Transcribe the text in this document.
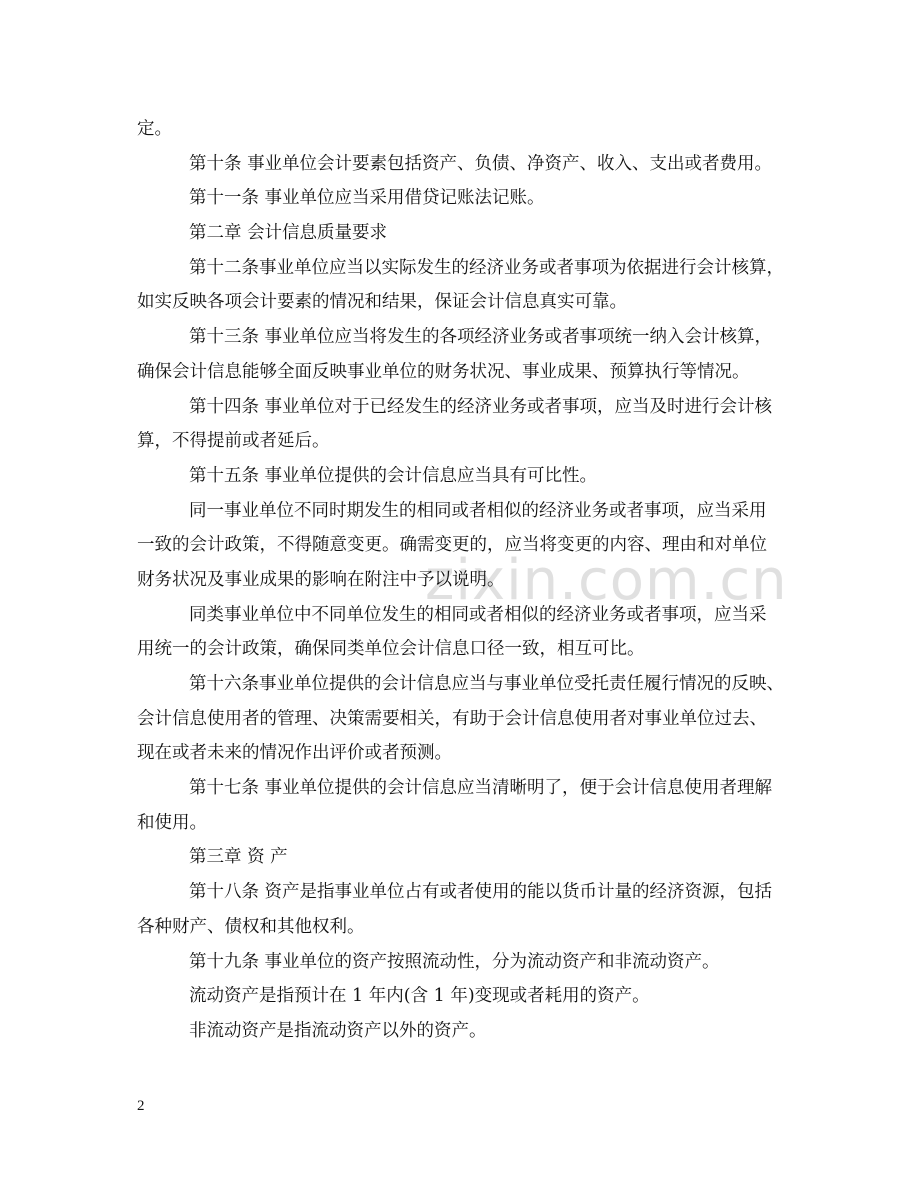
zixin.com.cn
定。
第十条 事业单位会计要素包括资产、负债、净资产、收入、支出或者费用。
第十一条 事业单位应当采用借贷记账法记账。
第二章 会计信息质量要求
第十二条事业单位应当以实际发生的经济业务或者事项为依据进行会计核算，
如实反映各项会计要素的情况和结果，保证会计信息真实可靠。
第十三条 事业单位应当将发生的各项经济业务或者事项统一纳入会计核算，
确保会计信息能够全面反映事业单位的财务状况、事业成果、预算执行等情况。
第十四条 事业单位对于已经发生的经济业务或者事项，应当及时进行会计核
算，不得提前或者延后。
第十五条 事业单位提供的会计信息应当具有可比性。
同一事业单位不同时期发生的相同或者相似的经济业务或者事项，应当采用
一致的会计政策，不得随意变更。确需变更的，应当将变更的内容、理由和对单位
财务状况及事业成果的影响在附注中予以说明。
同类事业单位中不同单位发生的相同或者相似的经济业务或者事项，应当采
用统一的会计政策，确保同类单位会计信息口径一致，相互可比。
第十六条事业单位提供的会计信息应当与事业单位受托责任履行情况的反映、
会计信息使用者的管理、决策需要相关，有助于会计信息使用者对事业单位过去、
现在或者未来的情况作出评价或者预测。
第十七条 事业单位提供的会计信息应当清晰明了，便于会计信息使用者理解
和使用。
第三章 资 产
第十八条 资产是指事业单位占有或者使用的能以货币计量的经济资源，包括
各种财产、债权和其他权利。
第十九条 事业单位的资产按照流动性，分为流动资产和非流动资产。
流动资产是指预计在 1 年内(含 1 年)变现或者耗用的资产。
非流动资产是指流动资产以外的资产。
2
